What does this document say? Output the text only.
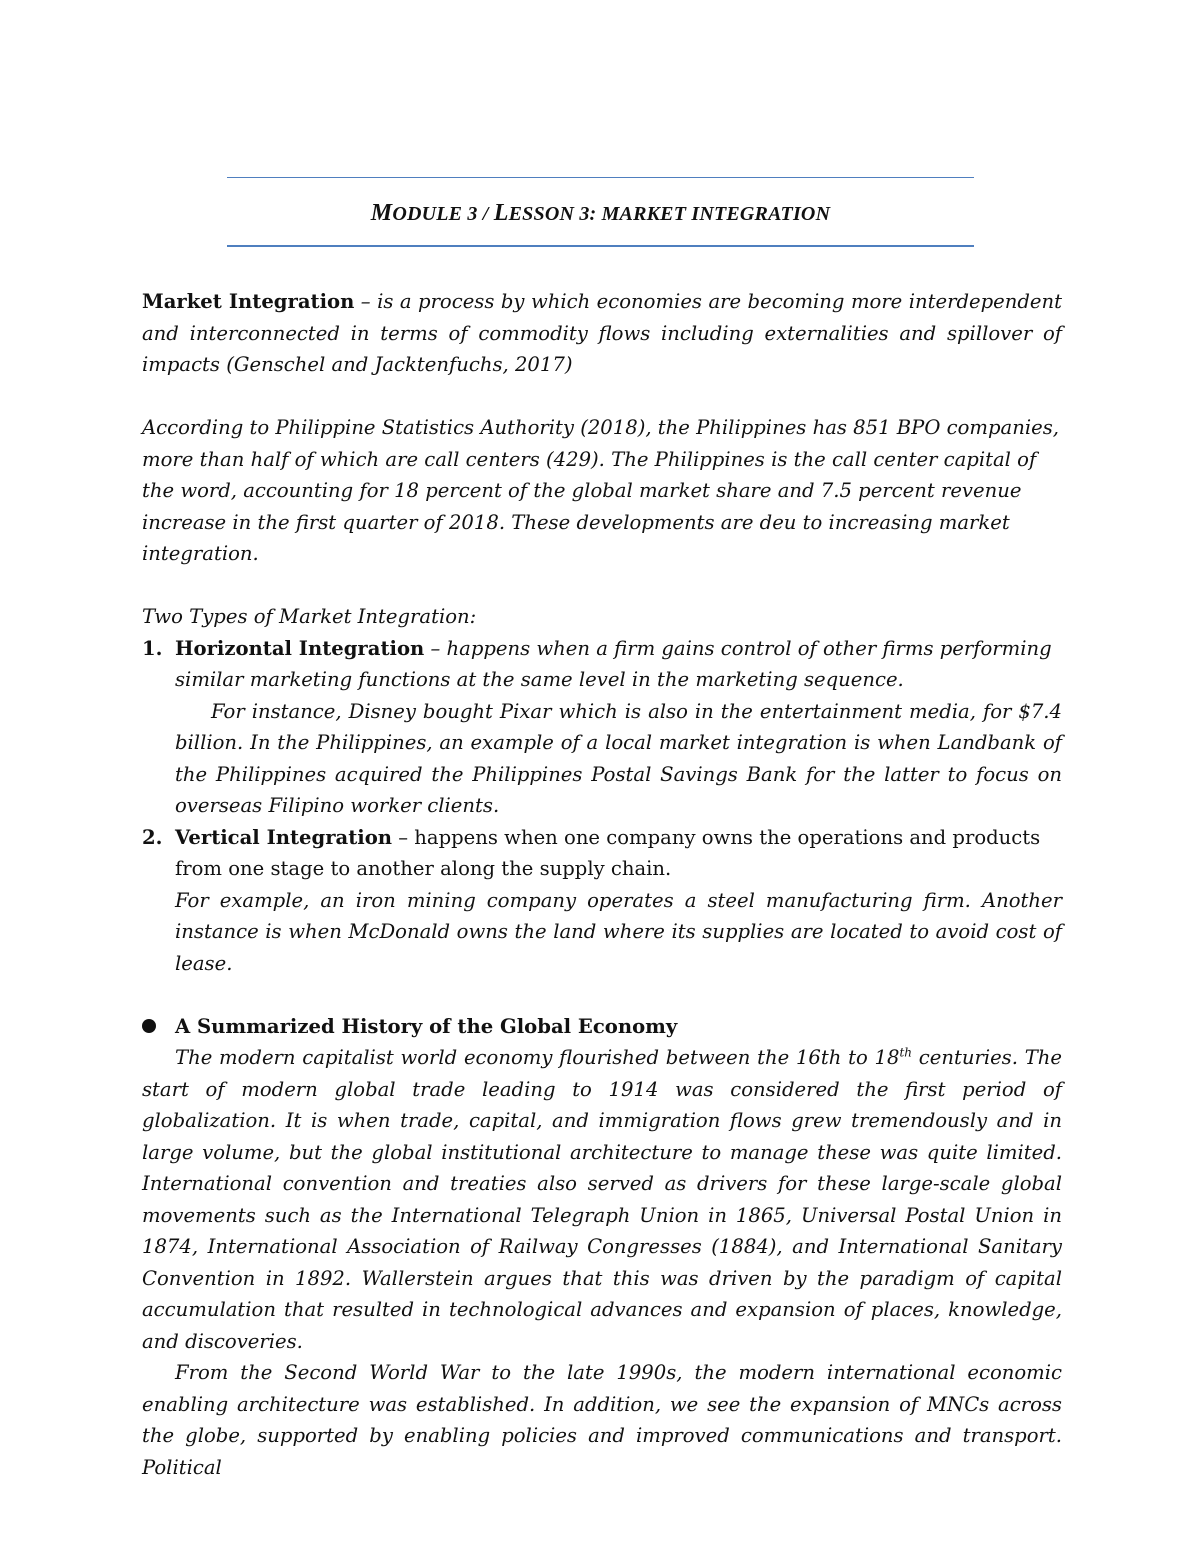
MODULE 3 / LESSON 3: MARKET INTEGRATION

Market Integration – is a process by which economies are becoming more interdependent and interconnected in terms of commodity flows including externalities and spillover of impacts (Genschel and Jacktenfuchs, 2017)

According to Philippine Statistics Authority (2018), the Philippines has 851 BPO companies, more than half of which are call centers (429). The Philippines is the call center capital of the word, accounting for 18 percent of the global market share and 7.5 percent revenue increase in the first quarter of 2018. These developments are deu to increasing market integration.

Two Types of Market Integration:

1. Horizontal Integration – happens when a firm gains control of other firms performing similar marketing functions at the same level in the marketing sequence.

For instance, Disney bought Pixar which is also in the entertainment media, for $7.4 billion. In the Philippines, an example of a local market integration is when Landbank of the Philippines acquired the Philippines Postal Savings Bank for the latter to focus on overseas Filipino worker clients.

2. Vertical Integration – happens when one company owns the operations and products from one stage to another along the supply chain.

For example, an iron mining company operates a steel manufacturing firm. Another instance is when McDonald owns the land where its supplies are located to avoid cost of lease.

A Summarized History of the Global Economy

The modern capitalist world economy flourished between the 16th to 18th centuries. The start of modern global trade leading to 1914 was considered the first period of globalization. It is when trade, capital, and immigration flows grew tremendously and in large volume, but the global institutional architecture to manage these was quite limited. International convention and treaties also served as drivers for these large-scale global movements such as the International Telegraph Union in 1865, Universal Postal Union in 1874, International Association of Railway Congresses (1884), and International Sanitary Convention in 1892. Wallerstein argues that this was driven by the paradigm of capital accumulation that resulted in technological advances and expansion of places, knowledge, and discoveries.

From the Second World War to the late 1990s, the modern international economic enabling architecture was established. In addition, we see the expansion of MNCs across the globe, supported by enabling policies and improved communications and transport. Political
